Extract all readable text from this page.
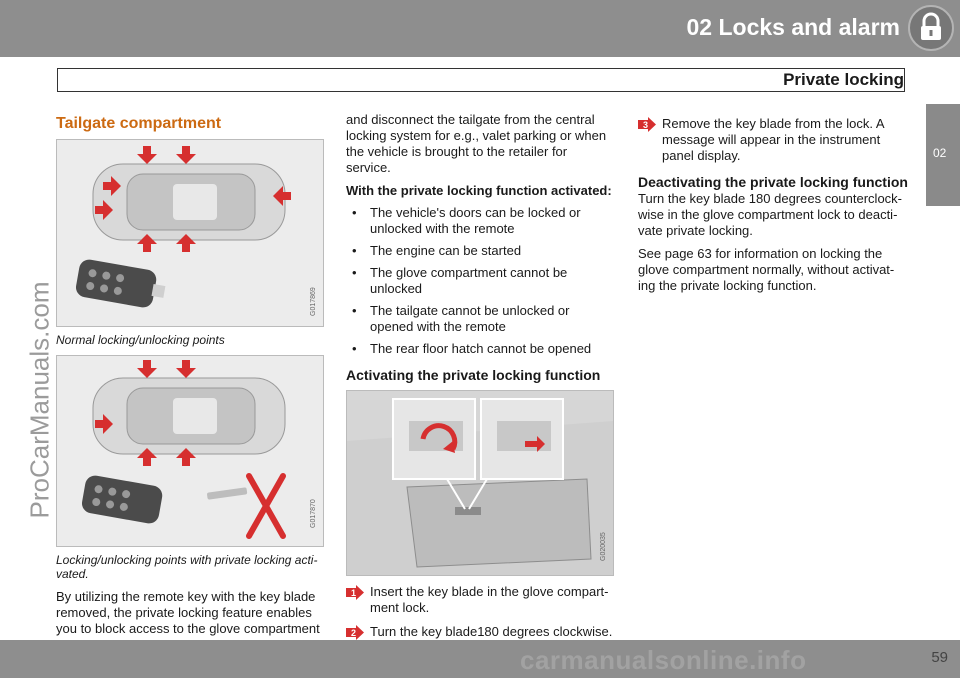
02 Locks and alarm
Private locking
02
ProCarManuals.com
Tailgate compartment
G017869
Normal locking/unlocking points
G017870
Locking/unlocking points with private locking acti-vated.

By utilizing the remote key with the key blade removed, the private locking feature enables you to block access to the glove compartment

and disconnect the tailgate from the central locking system for e.g., valet parking or when the vehicle is brought to the retailer for service.

With the private locking function activated:
• The vehicle's doors can be locked or unlocked with the remote
• The engine can be started
• The glove compartment cannot be unlocked
• The tailgate cannot be unlocked or opened with the remote
• The rear floor hatch cannot be opened
Activating the private locking function
G020035
1 Insert the key blade in the glove compart-ment lock.
2 Turn the key blade180 degrees clockwise.
3 Remove the key blade from the lock. A message will appear in the instrument panel display.
Deactivating the private locking function

Turn the key blade 180 degrees counterclock-wise in the glove compartment lock to deacti-vate private locking.

See page 63 for information on locking the glove compartment normally, without activat-ing the private locking function.

carmanualsonline.info	59
